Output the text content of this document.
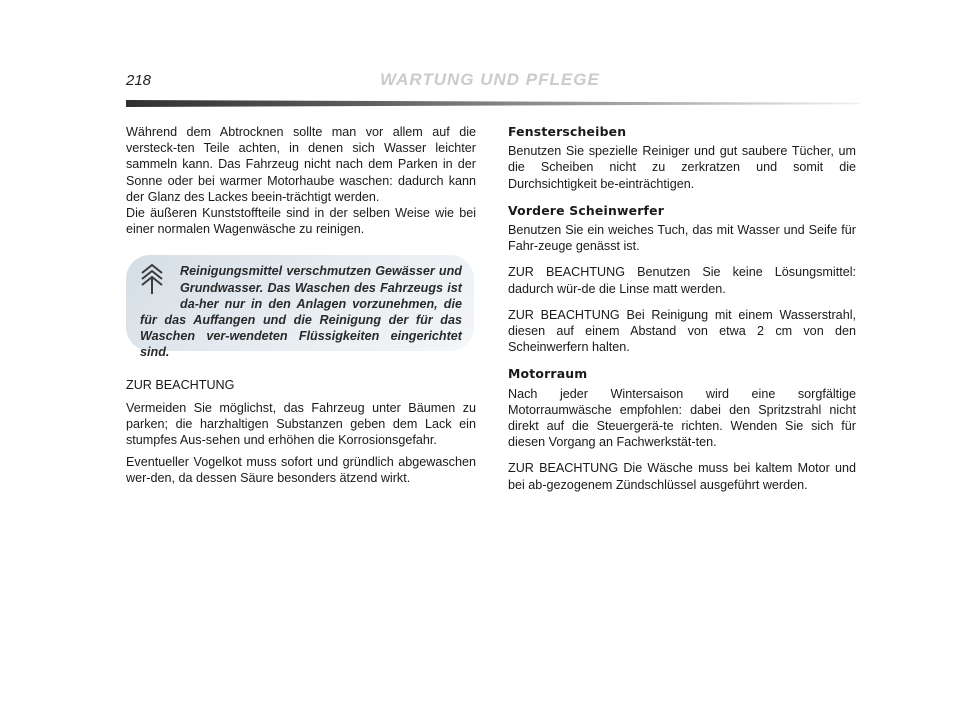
218	WARTUNG UND PFLEGE

Während dem Abtrocknen sollte man vor allem auf die versteck-ten Teile achten, in denen sich Wasser leichter sammeln kann. Das Fahrzeug nicht nach dem Parken in der Sonne oder bei warmer Motorhaube waschen: dadurch kann der Glanz des Lackes beein-trächtigt werden.

Die äußeren Kunststoffteile sind in der selben Weise wie bei einer normalen Wagenwäsche zu reinigen.

Reinigungsmittel verschmutzen Gewässer und Grundwasser. Das Waschen des Fahrzeugs ist da-her nur in den Anlagen vorzunehmen, die für das Auffangen und die Reinigung der für das Waschen ver-wendeten Flüssigkeiten eingerichtet sind.

ZUR BEACHTUNG

Vermeiden Sie möglichst, das Fahrzeug unter Bäumen zu parken; die harzhaltigen Substanzen geben dem Lack ein stumpfes Aus-sehen und erhöhen die Korrosionsgefahr.

Eventueller Vogelkot muss sofort und gründlich abgewaschen wer-den, da dessen Säure besonders ätzend wirkt.

Fensterscheiben

Benutzen Sie spezielle Reiniger und gut saubere Tücher, um die Scheiben nicht zu zerkratzen und somit die Durchsichtigkeit be-einträchtigen.

Vordere Scheinwerfer

Benutzen Sie ein weiches Tuch, das mit Wasser und Seife für Fahr-zeuge genässt ist.

ZUR BEACHTUNG Benutzen Sie keine Lösungsmittel: dadurch wür-de die Linse matt werden.

ZUR BEACHTUNG Bei Reinigung mit einem Wasserstrahl, diesen auf einem Abstand von etwa 2 cm von den Scheinwerfern halten.

Motorraum

Nach jeder Wintersaison wird eine sorgfältige Motorraumwäsche empfohlen: dabei den Spritzstrahl nicht direkt auf die Steuergerä-te richten. Wenden Sie sich für diesen Vorgang an Fachwerkstät-ten.

ZUR BEACHTUNG Die Wäsche muss bei kaltem Motor und bei ab-gezogenem Zündschlüssel ausgeführt werden.
